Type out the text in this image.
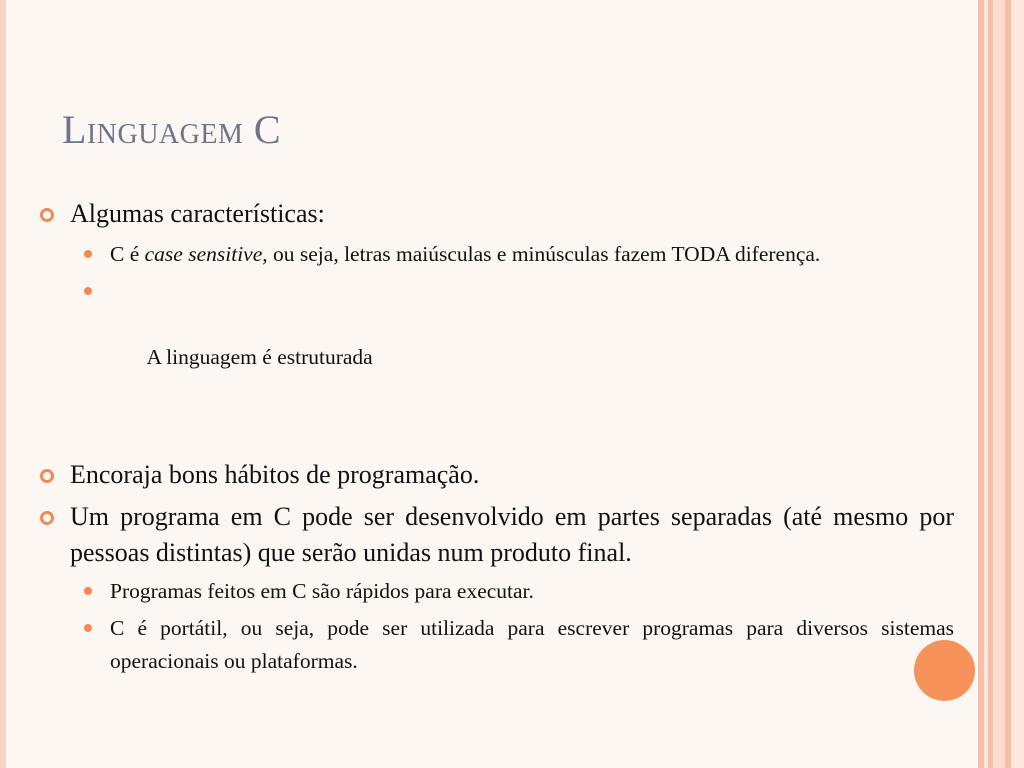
Linguagem C
Algumas características:
C é case sensitive, ou seja, letras maiúsculas e minúsculas fazem TODA diferença.

A linguagem é estruturada

Encoraja bons hábitos de programação.
Um programa em C pode ser desenvolvido em partes separadas (até mesmo por pessoas distintas) que serão unidas num produto final.
Programas feitos em C são rápidos para executar.
C é portátil, ou seja, pode ser utilizada para escrever programas para diversos sistemas operacionais ou plataformas.
